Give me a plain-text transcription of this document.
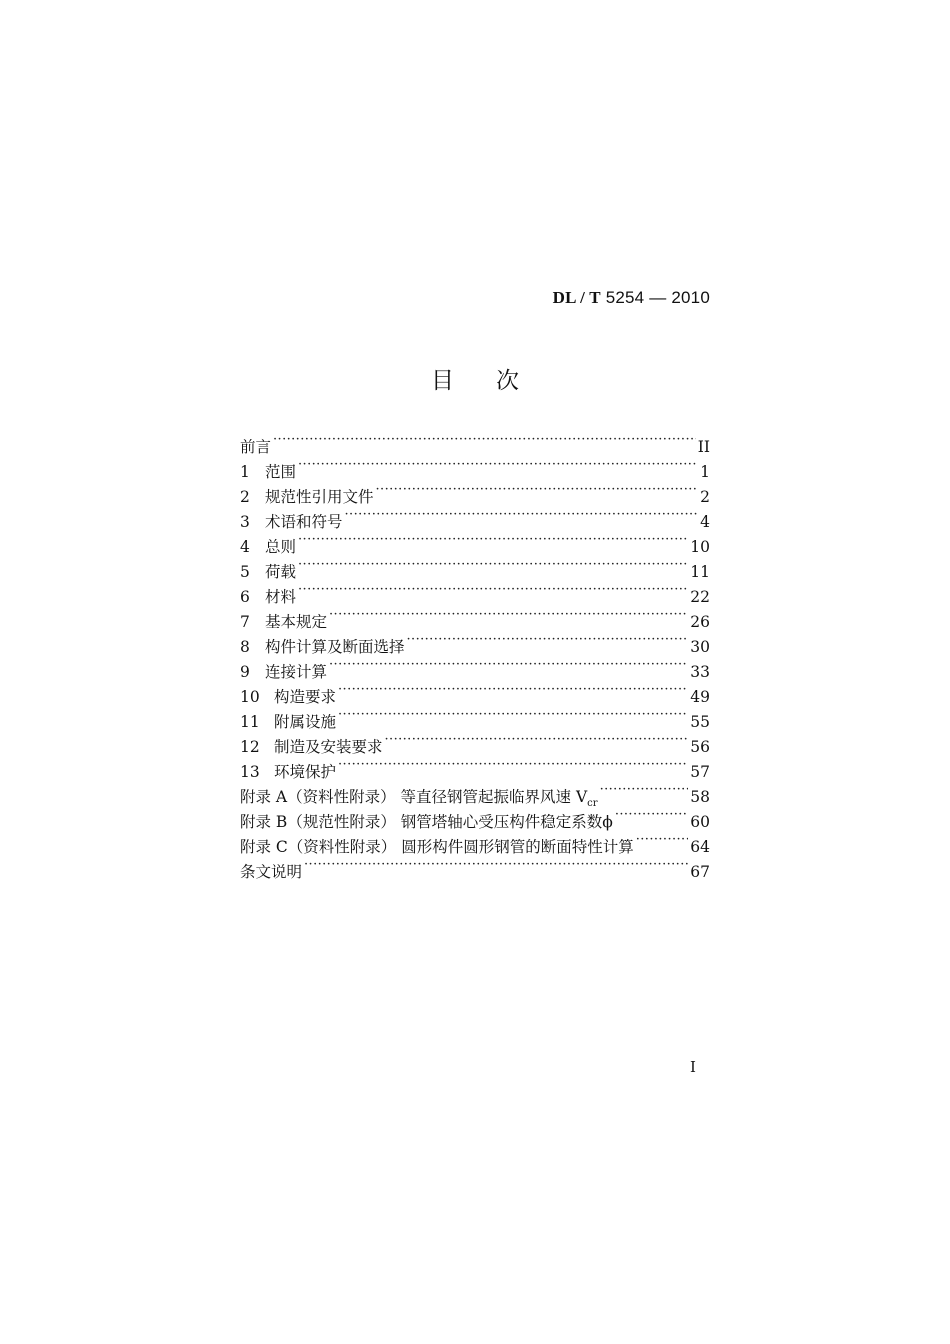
DL / T 5254 — 2010
目次
前言 ·····	II
1 范围 ·····	1
2 规范性引用文件 ·····	2
3 术语和符号 ·····	4
4 总则 ·····	10
5 荷载 ·····	11
6 材料 ·····	22
7 基本规定 ·····	26
8 构件计算及断面选择 ·····	30
9 连接计算 ·····	33
10 构造要求 ·····	49
11 附属设施 ·····	55
12 制造及安装要求 ·····	56
13 环境保护 ·····	57
附录 A（资料性附录） 等直径钢管起振临界风速 $V_{cr}$ ·····	58
附录 B（规范性附录） 钢管塔轴心受压构件稳定系数ϕ ·····	60
附录 C（资料性附录） 圆形构件圆形钢管的断面特性计算 ·····	64
条文说明 ·····	67
I
